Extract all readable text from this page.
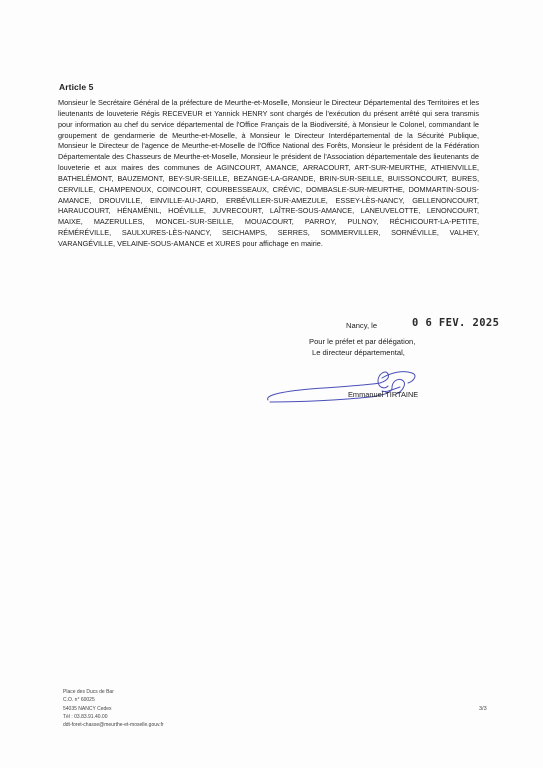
Article 5

Monsieur le Secrétaire Général de la préfecture de Meurthe-et-Moselle, Monsieur le Directeur Départemental des Territoires et les lieutenants de louveterie Régis RECEVEUR et Yannick HENRY sont chargés de l'exécution du présent arrêté qui sera transmis pour information au chef du service départemental de l'Office Français de la Biodiversité, à Monsieur le Colonel, commandant le groupement de gendarmerie de Meurthe-et-Moselle, à Monsieur le Directeur Interdépartemental de la Sécurité Publique, Monsieur le Directeur de l'agence de Meurthe-et-Moselle de l'Office National des Forêts, Monsieur le président de la Fédération Départementale des Chasseurs de Meurthe-et-Moselle, Monsieur le président de l'Association départementale des lieutenants de louveterie et aux maires des communes de AGINCOURT, AMANCE, ARRACOURT, ART-SUR-MEURTHE, ATHIENVILLE, BATHELÉMONT, BAUZEMONT, BEY-SUR-SEILLE, BEZANGE-LA-GRANDE, BRIN-SUR-SEILLE, BUISSONCOURT, BURES, CERVILLE, CHAMPENOUX, COINCOURT, COURBESSEAUX, CRÉVIC, DOMBASLE-SUR-MEURTHE, DOMMARTIN-SOUS-AMANCE, DROUVILLE, EINVILLE-AU-JARD, ERBÉVILLER-SUR-AMEZULE, ESSEY-LÈS-NANCY, GELLENONCOURT, HARAUCOURT, HÉNAMÉNIL, HOÉVILLE, JUVRECOURT, LAÎTRE-SOUS-AMANCE, LANEUVELOTTE, LENONCOURT, MAIXE, MAZERULLES, MONCEL-SUR-SEILLE, MOUACOURT, PARROY, PULNOY, RÉCHICOURT-LA-PETITE, RÉMÉRÉVILLE, SAULXURES-LÈS-NANCY, SEICHAMPS, SERRES, SOMMERVILLER, SORNÉVILLE, VALHEY, VARANGÉVILLE, VELAINE-SOUS-AMANCE et XURES pour affichage en mairie.

Nancy, le	0 6 FEV. 2025
Pour le préfet et par délégation,
Le directeur départemental,
Emmanuel TIRTAINE
Place des Ducs de Bar
C.O. n° 60025
54035 NANCY Cedex
Tél : 03.83.91.40.00
ddt-foret-chasse@meurthe-et-moselle.gouv.fr
3/3
